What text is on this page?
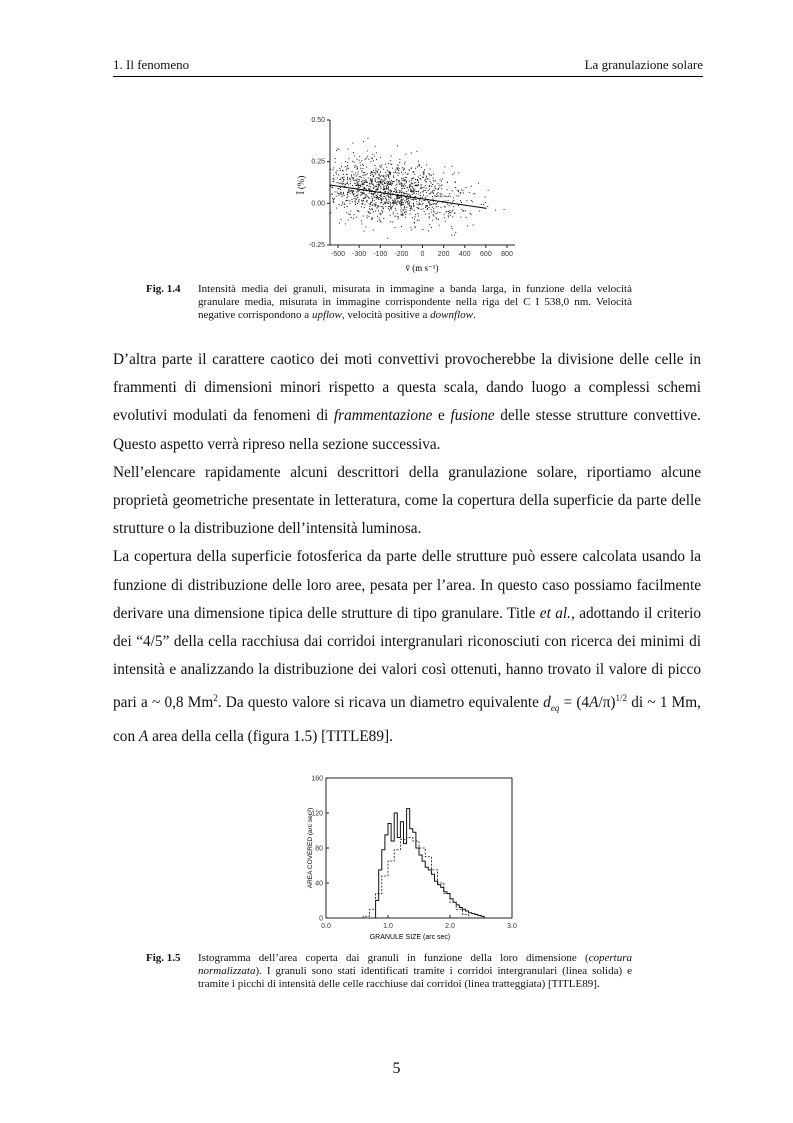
1. Il fenomeno	La granulazione solare
0.50
0.25
0.00
-0.25
-500 -300 -100 -200 0 200 400 600 800
Ī (%)
v̄ (m s⁻¹)
Fig. 1.4 Intensità media dei granuli, misurata in immagine a banda larga, in funzione della velocità granulare media, misurata in immagine corrispondente nella riga del C I 538,0 nm. Velocità negative corrispondono a upflow, velocità positive a downflow.

D’altra parte il carattere caotico dei moti convettivi provocherebbe la divisione delle celle in frammenti di dimensioni minori rispetto a questa scala, dando luogo a complessi schemi evolutivi modulati da fenomeni di frammentazione e fusione delle stesse strutture convettive. Questo aspetto verrà ripreso nella sezione successiva.

Nell’elencare rapidamente alcuni descrittori della granulazione solare, riportiamo alcune proprietà geometriche presentate in letteratura, come la copertura della superficie da parte delle strutture o la distribuzione dell’intensità luminosa.

La copertura della superficie fotosferica da parte delle strutture può essere calcolata usando la funzione di distribuzione delle loro aree, pesata per l’area. In questo caso possiamo facilmente derivare una dimensione tipica delle strutture di tipo granulare. Title et al., adottando il criterio dei “4/5” della cella racchiusa dai corridoi intergranulari riconosciuti con ricerca dei minimi di intensità e analizzando la distribuzione dei valori così ottenuti, hanno trovato il valore di picco pari a ~ 0,8 Mm$^2$. Da questo valore si ricava un diametro equivalente $d_{eq} = (4A/\pi)^{1/2}$ di ~ 1 Mm, con A area della cella (figura 1.5) [TITLE89].

0
40
80
120
160
0.0	1.0	2.0	3.0
AREA COVERED (arc sec²)
GRANULE SIZE (arc sec)
Fig. 1.5 Istogramma dell’area coperta dai granuli in funzione della loro dimensione (copertura normalizzata). I granuli sono stati identificati tramite i corridoi intergranulari (linea solida) e tramite i picchi di intensità delle celle racchiuse dai corridoi (linea tratteggiata) [TITLE89].
5
